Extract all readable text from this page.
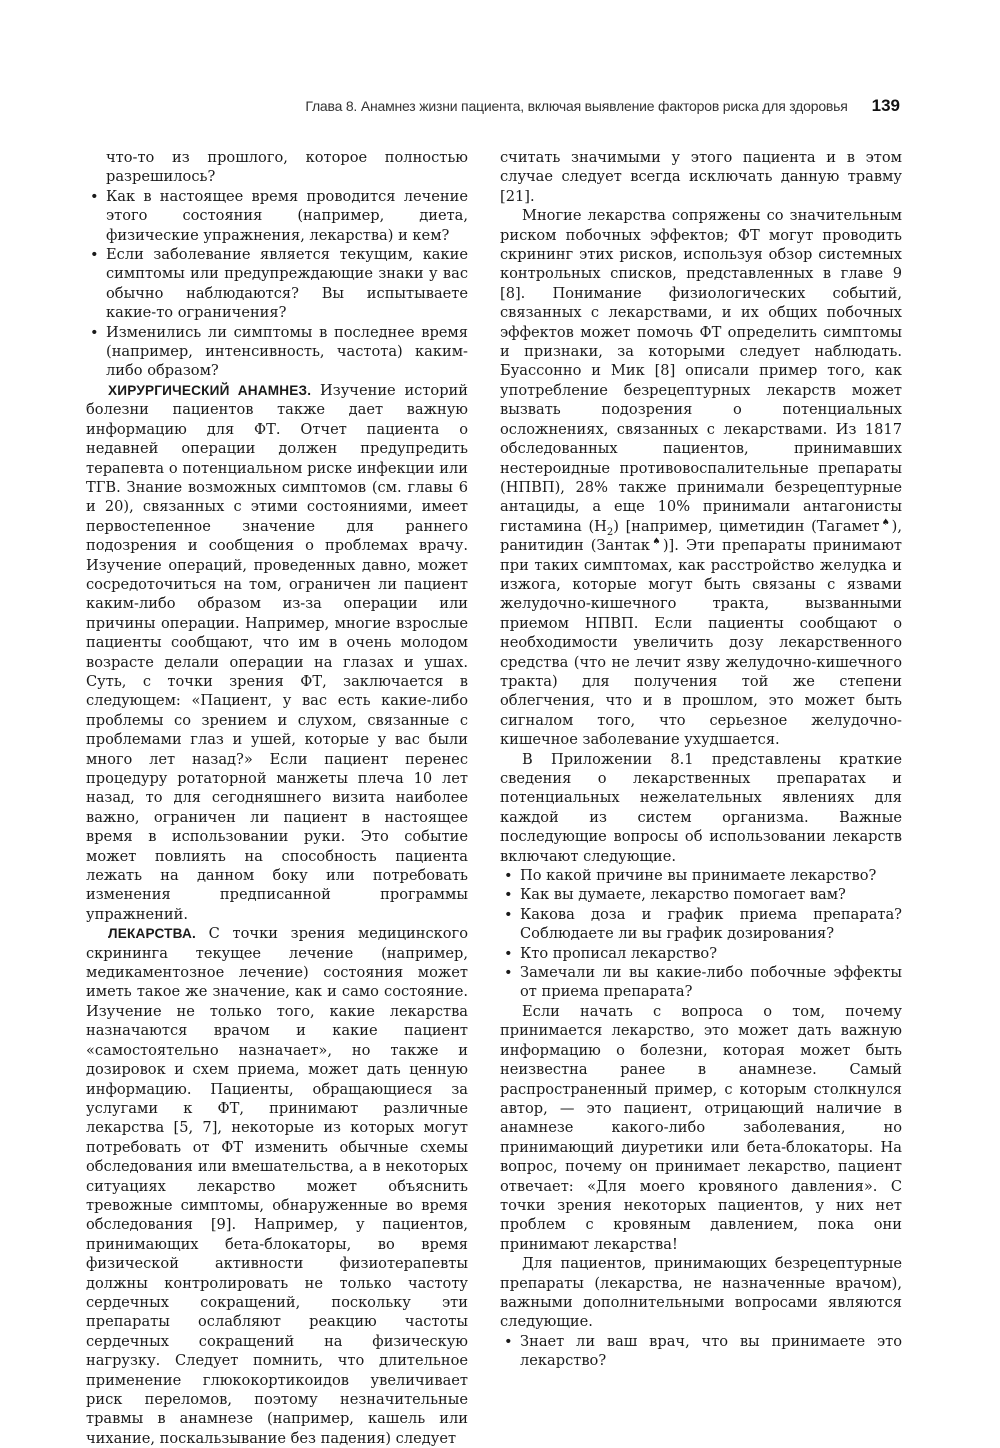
Глава 8. Анамнез жизни пациента, включая выявление факторов риска для здоровья 139

что-то из прошлого, которое полностью разрешилось?

• Как в настоящее время проводится лечение этого состояния (например, диета, физические упражнения, лекарства) и кем?
• Если заболевание является текущим, какие симптомы или предупреждающие знаки у вас обычно наблюдаются? Вы испытываете какие-то ограничения?
• Изменились ли симптомы в последнее время (например, интенсивность, частота) каким-либо образом?

ХИРУРГИЧЕСКИЙ АНАМНЕЗ. Изучение историй болезни пациентов также дает важную информацию для ФТ. Отчет пациента о недавней операции должен предупредить терапевта о потенциальном риске инфекции или ТГВ. Знание возможных симптомов (см. главы 6 и 20), связанных с этими состояниями, имеет первостепенное значение для раннего подозрения и сообщения о проблемах врачу. Изучение операций, проведенных давно, может сосредоточиться на том, ограничен ли пациент каким-либо образом из-за операции или причины операции. Например, многие взрослые пациенты сообщают, что им в очень молодом возрасте делали операции на глазах и ушах. Суть, с точки зрения ФТ, заключается в следующем: «Пациент, у вас есть какие-либо проблемы со зрением и слухом, связанные с проблемами глаз и ушей, которые у вас были много лет назад?» Если пациент перенес процедуру ротаторной манжеты плеча 10 лет назад, то для сегодняшнего визита наиболее важно, ограничен ли пациент в настоящее время в использовании руки. Это событие может повлиять на способность пациента лежать на данном боку или потребовать изменения предписанной программы упражнений.

ЛЕКАРСТВА. С точки зрения медицинского скрининга текущее лечение (например, медикаментозное лечение) состояния может иметь такое же значение, как и само состояние. Изучение не только того, какие лекарства назначаются врачом и какие пациент «самостоятельно назначает», но также и дозировок и схем приема, может дать ценную информацию. Пациенты, обращающиеся за услугами к ФТ, принимают различные лекарства [5, 7], некоторые из которых могут потребовать от ФТ изменить обычные схемы обследования или вмешательства, а в некоторых ситуациях лекарство может объяснить тревожные симптомы, обнаруженные во время обследования [9]. Например, у пациентов, принимающих бета-блокаторы, во время физической активности физиотерапевты должны контролировать не только частоту сердечных сокращений, поскольку эти препараты ослабляют реакцию частоты сердечных сокращений на физическую нагрузку. Следует помнить, что длительное применение глюкокортикоидов увеличивает риск переломов, поэтому незначительные травмы в анамнезе (например, кашель или чихание, поскальзывание без падения) следует

считать значимыми у этого пациента и в этом случае следует всегда исключать данную травму [21].

Многие лекарства сопряжены со значительным риском побочных эффектов; ФТ могут проводить скрининг этих рисков, используя обзор системных контрольных списков, представленных в главе 9 [8]. Понимание физиологических событий, связанных с лекарствами, и их общих побочных эффектов может помочь ФТ определить симптомы и признаки, за которыми следует наблюдать. Буассонно и Мик [8] описали пример того, как употребление безрецептурных лекарств может вызвать подозрения о потенциальных осложнениях, связанных с лекарствами. Из 1817 обследованных пациентов, принимавших нестероидные противовоспалительные препараты (НПВП), 28% также принимали безрецептурные антациды, а еще 10% принимали антагонисты гистамина $(H_2)$ [например, циметидин (Тагамет♠), ранитидин (Зантак♠)]. Эти препараты принимают при таких симптомах, как расстройство желудка и изжога, которые могут быть связаны с язвами желудочно-кишечного тракта, вызванными приемом НПВП. Если пациенты сообщают о необходимости увеличить дозу лекарственного средства (что не лечит язву желудочно-кишечного тракта) для получения той же степени облегчения, что и в прошлом, это может быть сигналом того, что серьезное желудочно-кишечное заболевание ухудшается.

В Приложении 8.1 представлены краткие сведения о лекарственных препаратах и потенциальных нежелательных явлениях для каждой из систем организма. Важные последующие вопросы об использовании лекарств включают следующие.

• По какой причине вы принимаете лекарство?
• Как вы думаете, лекарство помогает вам?
• Какова доза и график приема препарата? Соблюдаете ли вы график дозирования?
• Кто прописал лекарство?
• Замечали ли вы какие-либо побочные эффекты от приема препарата?

Если начать с вопроса о том, почему принимается лекарство, это может дать важную информацию о болезни, которая может быть неизвестна ранее в анамнезе. Самый распространенный пример, с которым столкнулся автор, — это пациент, отрицающий наличие в анамнезе какого-либо заболевания, но принимающий диуретики или бета-блокаторы. На вопрос, почему он принимает лекарство, пациент отвечает: «Для моего кровяного давления». С точки зрения некоторых пациентов, у них нет проблем с кровяным давлением, пока они принимают лекарства!

Для пациентов, принимающих безрецептурные препараты (лекарства, не назначенные врачом), важными дополнительными вопросами являются следующие.

• Знает ли ваш врач, что вы принимаете это лекарство?
